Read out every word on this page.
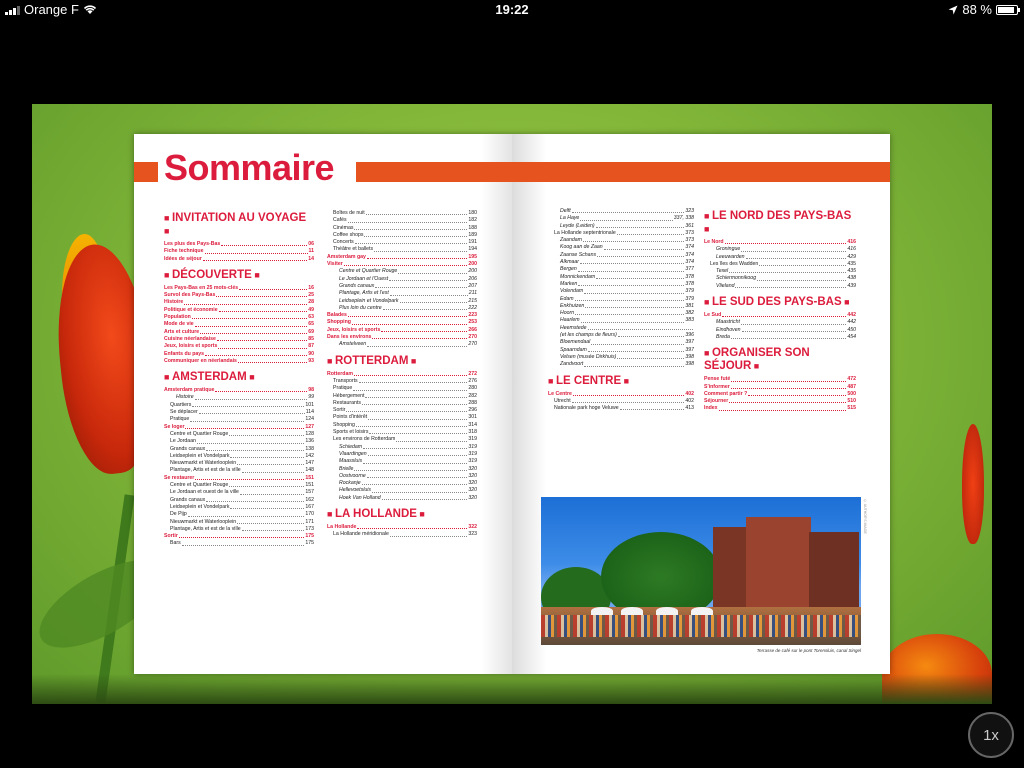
Orange F	19:22	88 %
Sommaire
■ INVITATION AU VOYAGE ■
Les plus des Pays-Bas	06
Fiche technique	11
Idées de séjour	14
■ DÉCOUVERTE ■
Les Pays-Bas en 25 mots-clés	16
Survol des Pays-Bas	25
Histoire	28
Politique et économie	49
Population	63
Mode de vie	65
Arts et culture	69
Cuisine néerlandaise	85
Jeux, loisirs et sports	87
Enfants du pays	90
Communiquer en néerlandais	93
■ AMSTERDAM ■
Amsterdam pratique	98
Histoire	99
Quartiers	101
Se déplacer	114
Pratique	124
Se loger	127
Centre et Quartier Rouge	128
Le Jordaan	136
Grands canaux	138
Leidseplein et Vondelpark	142
Nieuwmarkt et Waterlooplein	147
Plantage, Artis et est de la ville	148
Se restaurer	151
Centre et Quartier Rouge	151
Le Jordaan et ouest de la ville	157
Grands canaux	162
Leidseplein et Vondelpark	167
De Pijp	170
Nieuwmarkt et Waterlooplein	171
Plantage, Artis et est de la ville	173
Sortir	175
Bars	175
Boîtes de nuit	180
Cafés	182
Cinémas	188
Coffee shops	189
Concerts	191
Théâtre et ballets	194
Amsterdam gay	195
Visiter	200
Centre et Quartier Rouge	200
Le Jordaan et l'Ouest	206
Grands canaux	207
Plantage, Artis et l'est	211
Leidseplein et Vondelpark	215
Plus loin du centre	222
Balades	223
Shopping	253
Jeux, loisirs et sports	266
Dans les environs	270
Amstelveen	270
■ ROTTERDAM ■
Rotterdam	272
Transports	276
Pratique	280
Hébergement	282
Restaurants	288
Sortir	296
Points d'intérêt	301
Shopping	314
Sports et loisirs	318
Les environs de Rotterdam	319
Schiedam	319
Vlaardingen	319
Maassluis	319
Brielle	320
Oostvoorne	320
Rockanje	320
Hellevoetsluis	320
Hoek Van Holland	320
■ LA HOLLANDE ■
La Hollande	322
La Hollande méridionale	323
Delft	323
La Haye	337, 338
Leyde (Leiden)	361
La Hollande septentrionale	373
Zaandam	373
Koog aan de Zaan	374
Zaanse Schans	374
Alkmaar	374
Bergen	377
Monnickendam	378
Marken	378
Volendam	379
Edam	379
Enkhuizen	381
Hoorn	382
Haarlem	383
Heemstede
(et les champs de fleurs)	396
Bloemendaal	397
Spaarndam	397
Velsen (musée Dirkhuis)	398
Zandvoort	398
■ LE CENTRE ■
Le Centre	402
Utrecht	402
Nationale park hoge Veluwe	413
■ LE NORD DES PAYS-BAS ■
Le Nord	416
Groningue	416
Leeuwarden	429
Les îles des Wadden	435
Texel	435
Schiermonnikoog	438
Vlieland	439
■ LE SUD DES PAYS-BAS ■
Le Sud	442
Maastricht	442
Eindhoven	450
Breda	454
■ ORGANISER SON SÉJOUR ■
Pense futé	472
S'informer	487
Comment partir ?	500
Séjourner	510
Index	515
© AUTHOR'S IMAGE
Terrasse de café sur le pont Torensluis, canal Singel
1x
